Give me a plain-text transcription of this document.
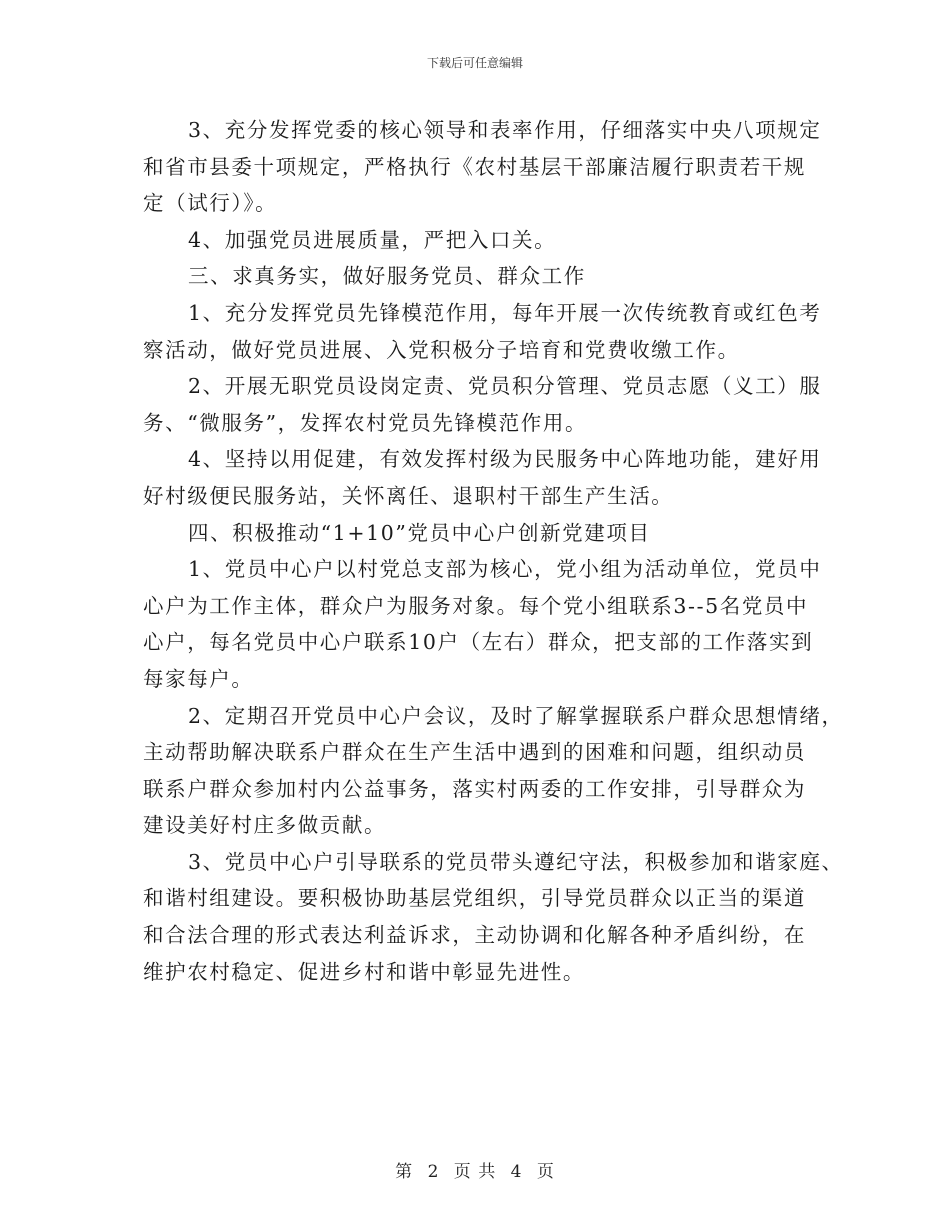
下载后可任意编辑
3、充分发挥党委的核心领导和表率作用，仔细落实中央八项规定
和省市县委十项规定，严格执行《农村基层干部廉洁履行职责若干规
定（试行）》。
4、加强党员进展质量，严把入口关。
三、求真务实，做好服务党员、群众工作
1、充分发挥党员先锋模范作用，每年开展一次传统教育或红色考
察活动，做好党员进展、入党积极分子培育和党费收缴工作。
2、开展无职党员设岗定责、党员积分管理、党员志愿（义工）服
务、“微服务”，发挥农村党员先锋模范作用。
4、坚持以用促建，有效发挥村级为民服务中心阵地功能，建好用
好村级便民服务站，关怀离任、退职村干部生产生活。
四、积极推动“1+10”党员中心户创新党建项目
1、党员中心户以村党总支部为核心，党小组为活动单位，党员中
心户为工作主体，群众户为服务对象。每个党小组联系3--5名党员中
心户，每名党员中心户联系10户（左右）群众，把支部的工作落实到
每家每户。
2、定期召开党员中心户会议，及时了解掌握联系户群众思想情绪，
主动帮助解决联系户群众在生产生活中遇到的困难和问题，组织动员
联系户群众参加村内公益事务，落实村两委的工作安排，引导群众为
建设美好村庄多做贡献。
3、党员中心户引导联系的党员带头遵纪守法，积极参加和谐家庭、
和谐村组建设。要积极协助基层党组织，引导党员群众以正当的渠道
和合法合理的形式表达利益诉求，主动协调和化解各种矛盾纠纷，在
维护农村稳定、促进乡村和谐中彰显先进性。
第 2 页 共 4 页
